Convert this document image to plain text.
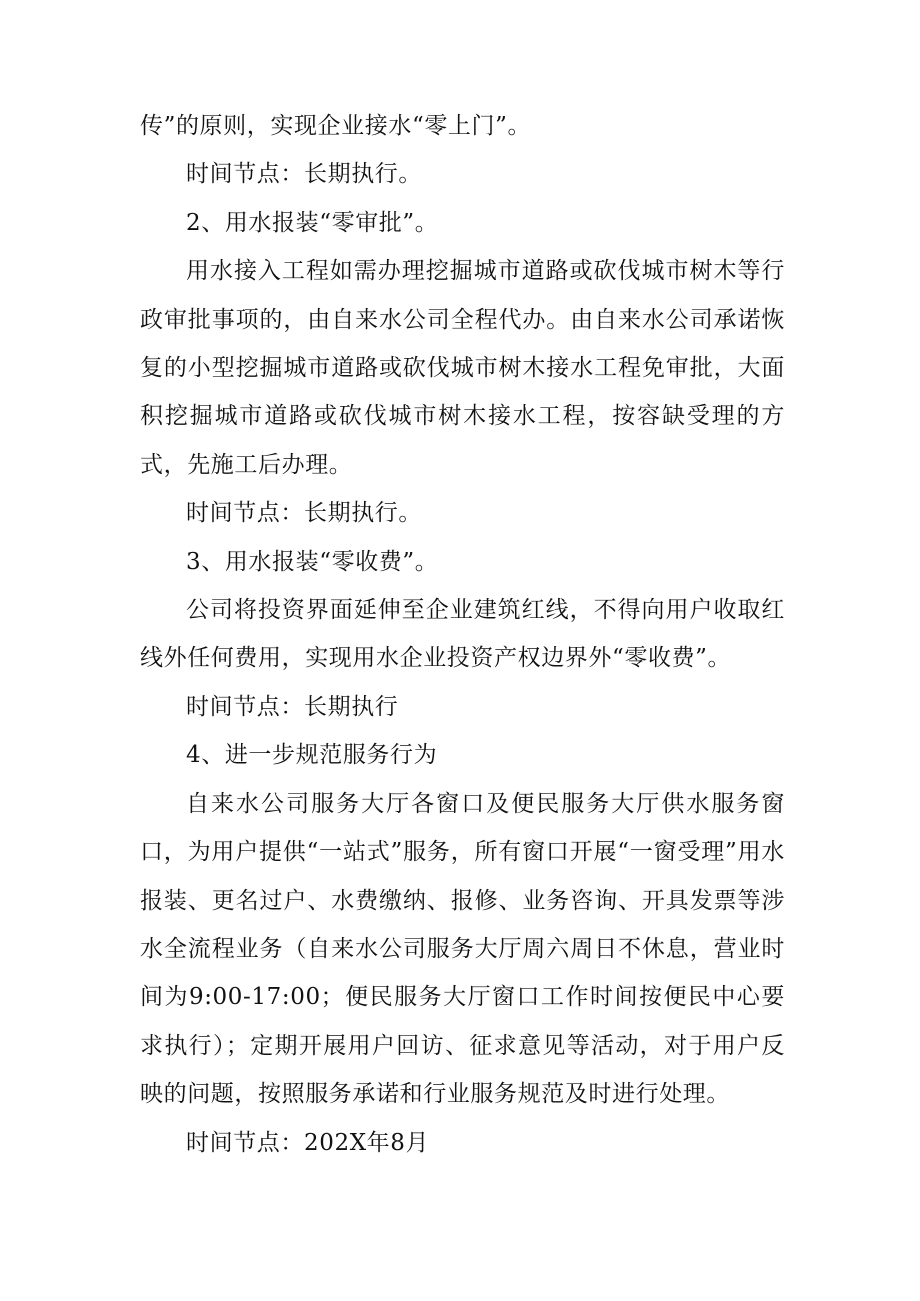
传”的原则，实现企业接水“零上门”。

时间节点：长期执行。

2、用水报装“零审批”。

用水接入工程如需办理挖掘城市道路或砍伐城市树木等行政审批事项的，由自来水公司全程代办。由自来水公司承诺恢复的小型挖掘城市道路或砍伐城市树木接水工程免审批，大面积挖掘城市道路或砍伐城市树木接水工程，按容缺受理的方式，先施工后办理。

时间节点：长期执行。

3、用水报装“零收费”。

公司将投资界面延伸至企业建筑红线，不得向用户收取红线外任何费用，实现用水企业投资产权边界外“零收费”。

时间节点：长期执行

4、进一步规范服务行为

自来水公司服务大厅各窗口及便民服务大厅供水服务窗口，为用户提供“一站式”服务，所有窗口开展“一窗受理”用水报装、更名过户、水费缴纳、报修、业务咨询、开具发票等涉水全流程业务（自来水公司服务大厅周六周日不休息，营业时间为9:00-17:00；便民服务大厅窗口工作时间按便民中心要求执行）；定期开展用户回访、征求意见等活动，对于用户反映的问题，按照服务承诺和行业服务规范及时进行处理。

时间节点：202X年8月
